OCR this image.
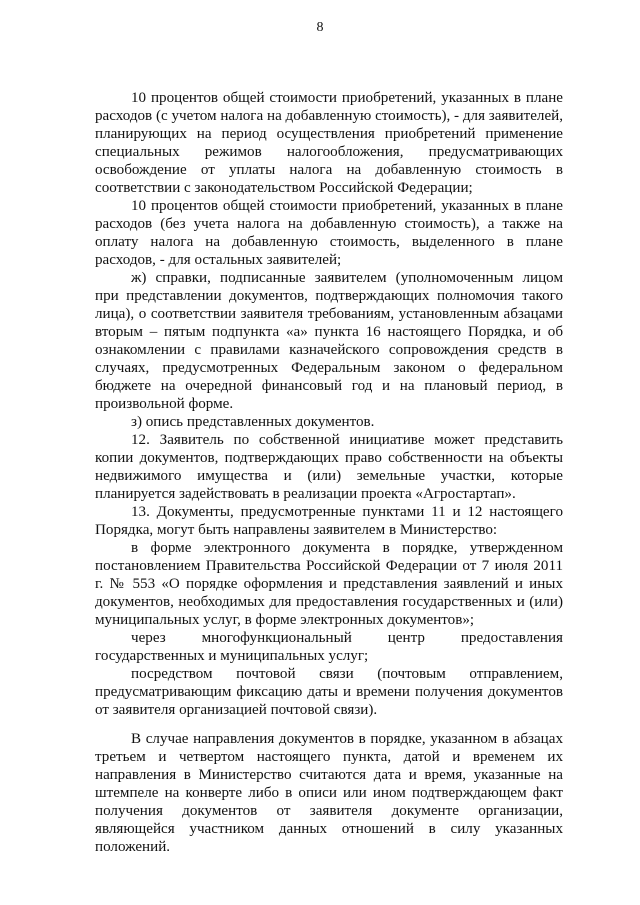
8

10 процентов общей стоимости приобретений, указанных в плане расходов (с учетом налога на добавленную стоимость), - для заявителей, планирующих на период осуществления приобретений применение специальных режимов налогообложения, предусматривающих освобождение от уплаты налога на добавленную стоимость в соответствии с законодательством Российской Федерации;

10 процентов общей стоимости приобретений, указанных в плане расходов (без учета налога на добавленную стоимость), а также на оплату налога на добавленную стоимость, выделенного в плане расходов, - для остальных заявителей;

ж) справки, подписанные заявителем (уполномоченным лицом при представлении документов, подтверждающих полномочия такого лица), о соответствии заявителя требованиям, установленным абзацами вторым – пятым подпункта «а» пункта 16 настоящего Порядка, и об ознакомлении с правилами казначейского сопровождения средств в случаях, предусмотренных Федеральным законом о федеральном бюджете на очередной финансовый год и на плановый период, в произвольной форме.

з) опись представленных документов.

12. Заявитель по собственной инициативе может представить копии документов, подтверждающих право собственности на объекты недвижимого имущества и (или) земельные участки, которые планируется задействовать в реализации проекта «Агростартап».

13. Документы, предусмотренные пунктами 11 и 12 настоящего Порядка, могут быть направлены заявителем в Министерство:

в форме электронного документа в порядке, утвержденном постановлением Правительства Российской Федерации от 7 июля 2011 г. № 553 «О порядке оформления и представления заявлений и иных документов, необходимых для предоставления государственных и (или) муниципальных услуг, в форме электронных документов»;

через многофункциональный центр предоставления государственных и муниципальных услуг;

посредством почтовой связи (почтовым отправлением, предусматривающим фиксацию даты и времени получения документов от заявителя организацией почтовой связи).

В случае направления документов в порядке, указанном в абзацах третьем и четвертом настоящего пункта, датой и временем их направления в Министерство считаются дата и время, указанные на штемпеле на конверте либо в описи или ином подтверждающем факт получения документов от заявителя документе организации, являющейся участником данных отношений в силу указанных положений.
